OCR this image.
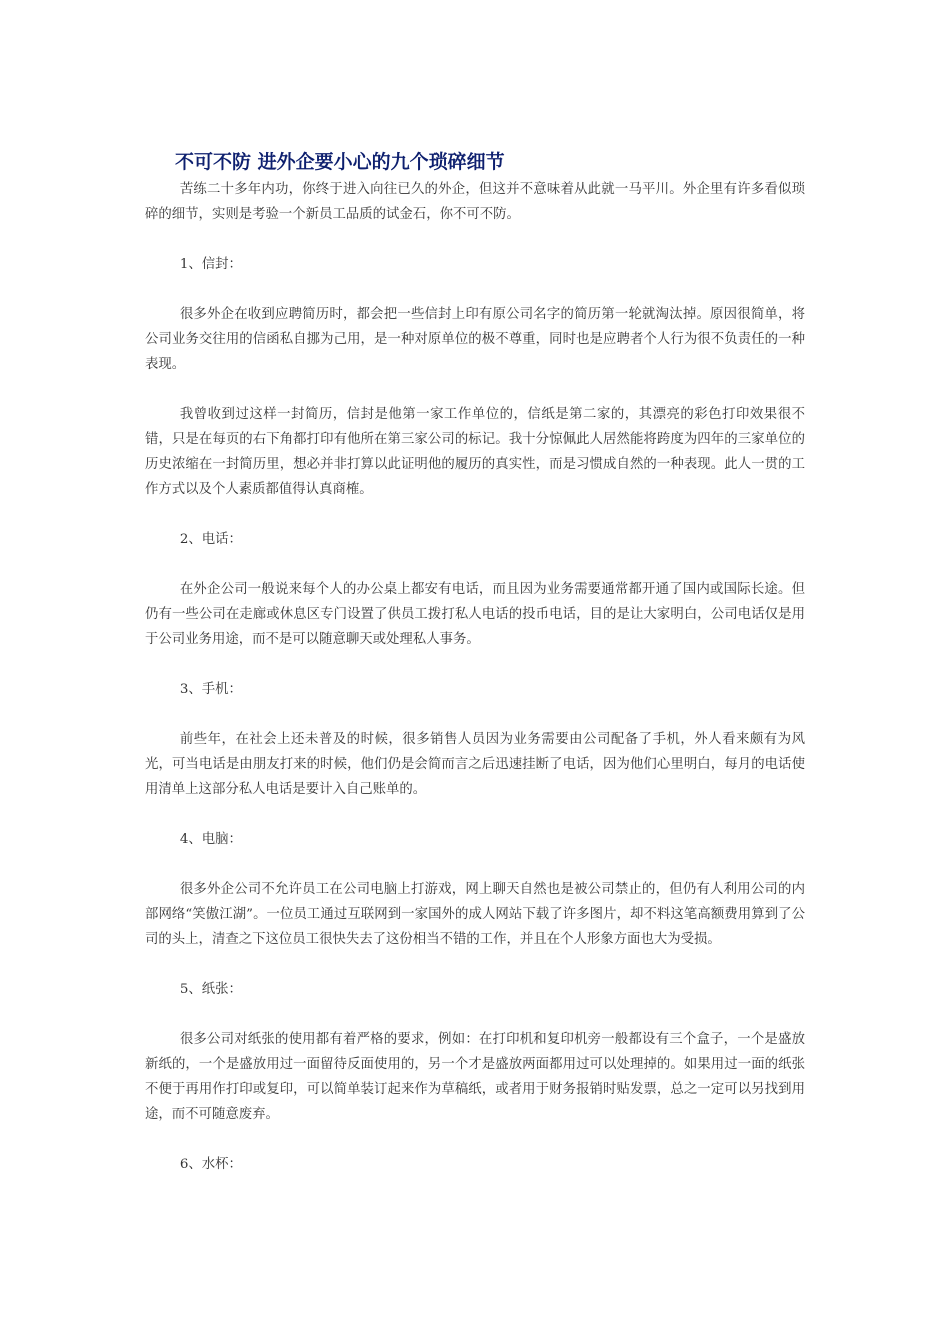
不可不防 进外企要小心的九个琐碎细节

苦练二十多年内功，你终于进入向往已久的外企，但这并不意味着从此就一马平川。外企里有许多看似琐碎的细节，实则是考验一个新员工品质的试金石，你不可不防。

1、信封：

很多外企在收到应聘简历时，都会把一些信封上印有原公司名字的简历第一轮就淘汰掉。原因很简单，将公司业务交往用的信函私自挪为己用，是一种对原单位的极不尊重，同时也是应聘者个人行为很不负责任的一种表现。

我曾收到过这样一封简历，信封是他第一家工作单位的，信纸是第二家的，其漂亮的彩色打印效果很不错，只是在每页的右下角都打印有他所在第三家公司的标记。我十分惊佩此人居然能将跨度为四年的三家单位的历史浓缩在一封简历里，想必并非打算以此证明他的履历的真实性，而是习惯成自然的一种表现。此人一贯的工作方式以及个人素质都值得认真商榷。

2、电话：

在外企公司一般说来每个人的办公桌上都安有电话，而且因为业务需要通常都开通了国内或国际长途。但仍有一些公司在走廊或休息区专门设置了供员工拨打私人电话的投币电话，目的是让大家明白，公司电话仅是用于公司业务用途，而不是可以随意聊天或处理私人事务。

3、手机：

前些年，在社会上还未普及的时候，很多销售人员因为业务需要由公司配备了手机，外人看来颇有为风光，可当电话是由朋友打来的时候，他们仍是会简而言之后迅速挂断了电话，因为他们心里明白，每月的电话使用清单上这部分私人电话是要计入自己账单的。

4、电脑：

很多外企公司不允许员工在公司电脑上打游戏，网上聊天自然也是被公司禁止的，但仍有人利用公司的内部网络“笑傲江湖”。一位员工通过互联网到一家国外的成人网站下载了许多图片，却不料这笔高额费用算到了公司的头上，清查之下这位员工很快失去了这份相当不错的工作，并且在个人形象方面也大为受损。

5、纸张：

很多公司对纸张的使用都有着严格的要求，例如：在打印机和复印机旁一般都设有三个盒子，一个是盛放新纸的，一个是盛放用过一面留待反面使用的，另一个才是盛放两面都用过可以处理掉的。如果用过一面的纸张不便于再用作打印或复印，可以简单装订起来作为草稿纸，或者用于财务报销时贴发票，总之一定可以另找到用途，而不可随意废弃。

6、水杯：
